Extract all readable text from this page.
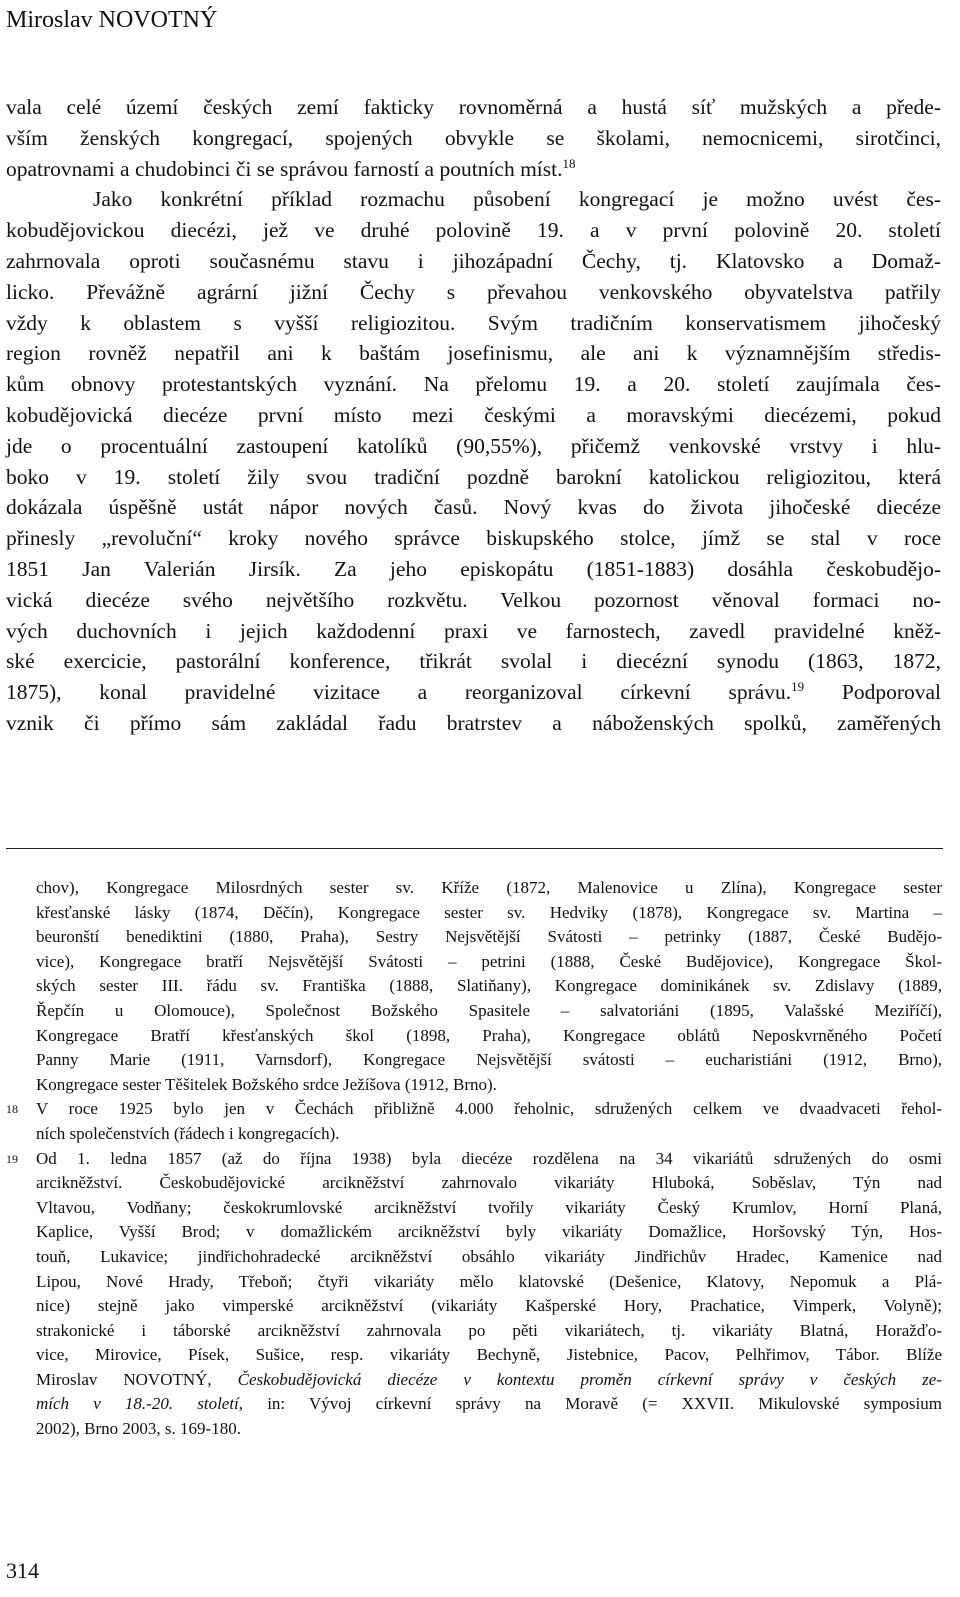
Miroslav NOVOTNÝ
vala celé území českých zemí fakticky rovnoměrná a hustá síť mužských a přede-
vším ženských kongregací, spojených obvykle se školami, nemocnicemi, sirotčinci,
opatrovnami a chudobinci či se správou farností a poutních míst.$^{18}$
Jako konkrétní příklad rozmachu působení kongregací je možno uvést čes-
kobudějovickou diecézi, jež ve druhé polovině 19. a v první polovině 20. století
zahrnovala oproti současnému stavu i jihozápadní Čechy, tj. Klatovsko a Domaž-
licko. Převážně agrární jižní Čechy s převahou venkovského obyvatelstva patřily
vždy k oblastem s vyšší religiozitou. Svým tradičním konservatismem jihočeský
region rovněž nepatřil ani k baštám josefinismu, ale ani k významnějším středis-
kům obnovy protestantských vyznání. Na přelomu 19. a 20. století zaujímala čes-
kobudějovická diecéze první místo mezi českými a moravskými diecézemi, pokud
jde o procentuální zastoupení katolíků (90,55%), přičemž venkovské vrstvy i hlu-
boko v 19. století žily svou tradiční pozdně barokní katolickou religiozitou, která
dokázala úspěšně ustát nápor nových časů. Nový kvas do života jihočeské diecéze
přinesly „revoluční“ kroky nového správce biskupského stolce, jímž se stal v roce
1851 Jan Valerián Jirsík. Za jeho episkopátu (1851-1883) dosáhla českobudějo-
vická diecéze svého největšího rozkvětu. Velkou pozornost věnoval formaci no-
vých duchovních i jejich každodenní praxi ve farnostech, zavedl pravidelné kněž-
ské exercicie, pastorální konference, třikrát svolal i diecézní synodu (1863, 1872,
1875), konal pravidelné vizitace a reorganizoval církevní správu.$^{19}$ Podporoval
vznik či přímo sám zakládal řadu bratrstev a náboženských spolků, zaměřených
chov), Kongregace Milosrdných sester sv. Kříže (1872, Malenovice u Zlína), Kongregace sester
křesťanské lásky (1874, Děčín), Kongregace sester sv. Hedviky (1878), Kongregace sv. Martina –
beuronští benediktini (1880, Praha), Sestry Nejsvětější Svátosti – petrinky (1887, České Budějo-
vice), Kongregace bratří Nejsvětější Svátosti – petrini (1888, České Budějovice), Kongregace Škol-
ských sester III. řádu sv. Františka (1888, Slatiňany), Kongregace dominikánek sv. Zdislavy (1889,
Řepčín u Olomouce), Společnost Božského Spasitele – salvatoriáni (1895, Valašské Meziříčí),
Kongregace Bratří křesťanských škol (1898, Praha), Kongregace oblátů Neposkvrněného Početí
Panny Marie (1911, Varnsdorf), Kongregace Nejsvětější svátosti – eucharistiáni (1912, Brno),
Kongregace sester Těšitelek Božského srdce Ježíšova (1912, Brno).
18 V roce 1925 bylo jen v Čechách přibližně 4.000 řeholnic, sdružených celkem ve dvaadvaceti řehol-
ních společenstvích (řádech i kongregacích).
19 Od 1. ledna 1857 (až do října 1938) byla diecéze rozdělena na 34 vikariátů sdružených do osmi
arcikněžství. Českobudějovické arcikněžství zahrnovalo vikariáty Hluboká, Soběslav, Týn nad
Vltavou, Vodňany; českokrumlovské arcikněžství tvořily vikariáty Český Krumlov, Horní Planá,
Kaplice, Vyšší Brod; v domažlickém arcikněžství byly vikariáty Domažlice, Horšovský Týn, Hos-
touň, Lukavice; jindřichohradecké arcikněžství obsáhlo vikariáty Jindřichův Hradec, Kamenice nad
Lipou, Nové Hrady, Třeboň; čtyři vikariáty mělo klatovské (Dešenice, Klatovy, Nepomuk a Plá-
nice) stejně jako vimperské arcikněžství (vikariáty Kašperské Hory, Prachatice, Vimperk, Volyně);
strakonické i táborské arcikněžství zahrnovala po pěti vikariátech, tj. vikariáty Blatná, Horažďo-
vice, Mirovice, Písek, Sušice, resp. vikariáty Bechyně, Jistebnice, Pacov, Pelhřimov, Tábor. Blíže
Miroslav NOVOTNÝ, Českobudějovická diecéze v kontextu proměn církevní správy v českých ze-
mích v 18.-20. století, in: Vývoj církevní správy na Moravě (= XXVII. Mikulovské symposium
2002), Brno 2003, s. 169-180.
314
